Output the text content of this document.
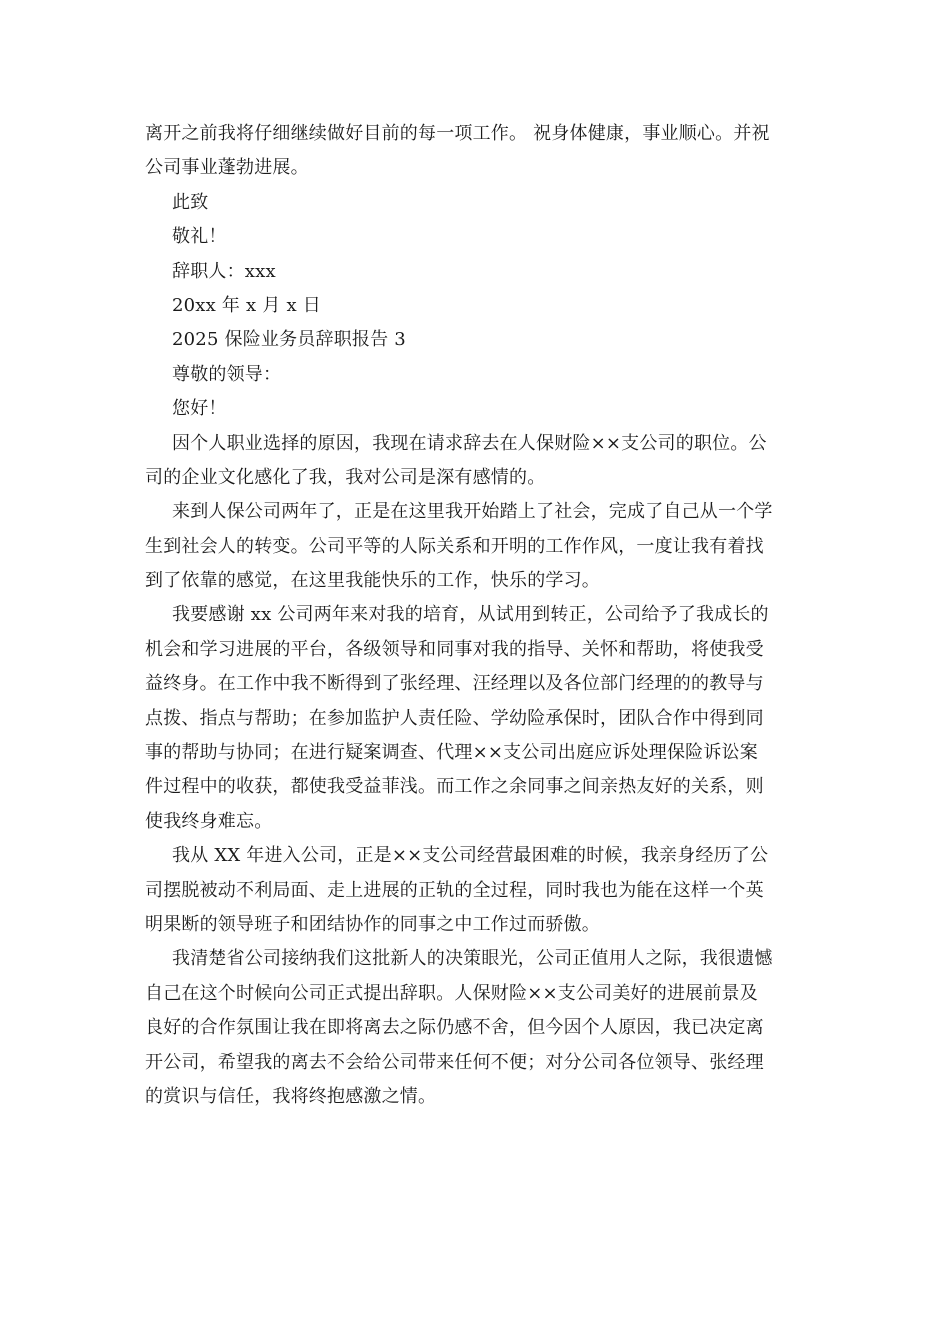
离开之前我将仔细继续做好目前的每一项工作。 祝身体健康，事业顺心。并祝
公司事业蓬勃进展。
此致
敬礼！
辞职人：xxx
20xx 年 x 月 x 日
2025 保险业务员辞职报告 3
尊敬的领导：
您好！
因个人职业选择的原因，我现在请求辞去在人保财险××支公司的职位。公
司的企业文化感化了我，我对公司是深有感情的。
来到人保公司两年了，正是在这里我开始踏上了社会，完成了自己从一个学
生到社会人的转变。公司平等的人际关系和开明的工作作风，一度让我有着找
到了依靠的感觉，在这里我能快乐的工作，快乐的学习。
我要感谢 xx 公司两年来对我的培育，从试用到转正，公司给予了我成长的
机会和学习进展的平台，各级领导和同事对我的指导、关怀和帮助，将使我受
益终身。在工作中我不断得到了张经理、汪经理以及各位部门经理的的教导与
点拨、指点与帮助；在参加监护人责任险、学幼险承保时，团队合作中得到同
事的帮助与协同；在进行疑案调查、代理××支公司出庭应诉处理保险诉讼案
件过程中的收获，都使我受益菲浅。而工作之余同事之间亲热友好的关系，则
使我终身难忘。
我从 XX 年进入公司，正是××支公司经营最困难的时候，我亲身经历了公
司摆脱被动不利局面、走上进展的正轨的全过程，同时我也为能在这样一个英
明果断的领导班子和团结协作的同事之中工作过而骄傲。
我清楚省公司接纳我们这批新人的决策眼光，公司正值用人之际，我很遗憾
自己在这个时候向公司正式提出辞职。人保财险××支公司美好的进展前景及
良好的合作氛围让我在即将离去之际仍感不舍，但今因个人原因，我已决定离
开公司，希望我的离去不会给公司带来任何不便；对分公司各位领导、张经理
的赏识与信任，我将终抱感激之情。
